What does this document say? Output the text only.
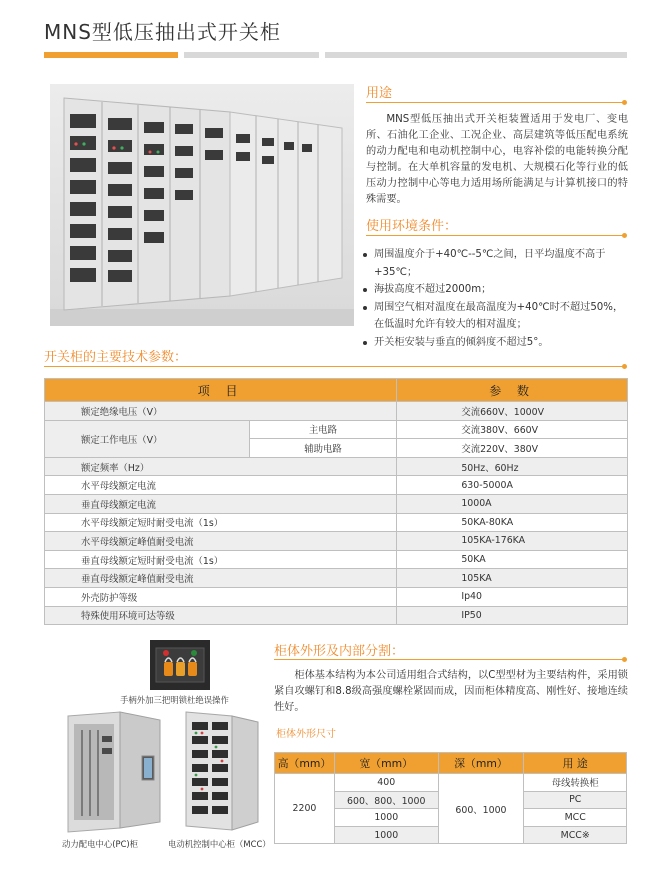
MNS型低压抽出式开关柜
用途
MNS型低压抽出式开关柜装置适用于发电厂、变电所、石油化工企业、工况企业、高层建筑等低压配电系统的动力配电和电动机控制中心，电容补偿的电能转换分配与控制。在大单机容量的发电机、大规模石化等行业的低压动力控制中心等电力适用场所能满足与计算机接口的特殊需要。
使用环境条件：
周围温度介于+40℃--5℃之间，日平均温度不高于+35℃；
海拔高度不超过2000m；
周围空气相对温度在最高温度为+40℃时不超过50%，
在低温时允许有较大的相对温度；
开关柜安装与垂直的倾斜度不超过5°。
开关柜的主要技术参数：
项 目		参 数
额定绝缘电压（V）		交流660V、1000V
额定工作电压（V）	主电路	交流380V、660V
	辅助电路	交流220V、380V
额定频率（Hz）		50Hz、60Hz
水平母线额定电流		630-5000A
垂直母线额定电流		1000A
水平母线额定短时耐受电流（1s）		50KA-80KA
水平母线额定峰值耐受电流		105KA-176KA
垂直母线额定短时耐受电流（1s）		50KA
垂直母线额定峰值耐受电流		105KA
外壳防护等级		Ip40
特殊使用环境可达等级		IP50
手柄外加三把明锁杜绝误操作
动力配电中心(PC)柜	电动机控制中心柜（MCC）
柜体外形及内部分割：
柜体基本结构为本公司适用组合式结构，以C型型材为主要结构件，采用锁紧自攻螺钉和8.8级高强度螺栓紧固而成，因而柜体精度高、刚性好、接地连续性好。
柜体外形尺寸
高（mm）	宽（mm）	深（mm）	用 途
2200	400	600、1000	母线转换柜
	600、800、1000		PC
	1000		MCC
	1000		MCC※
